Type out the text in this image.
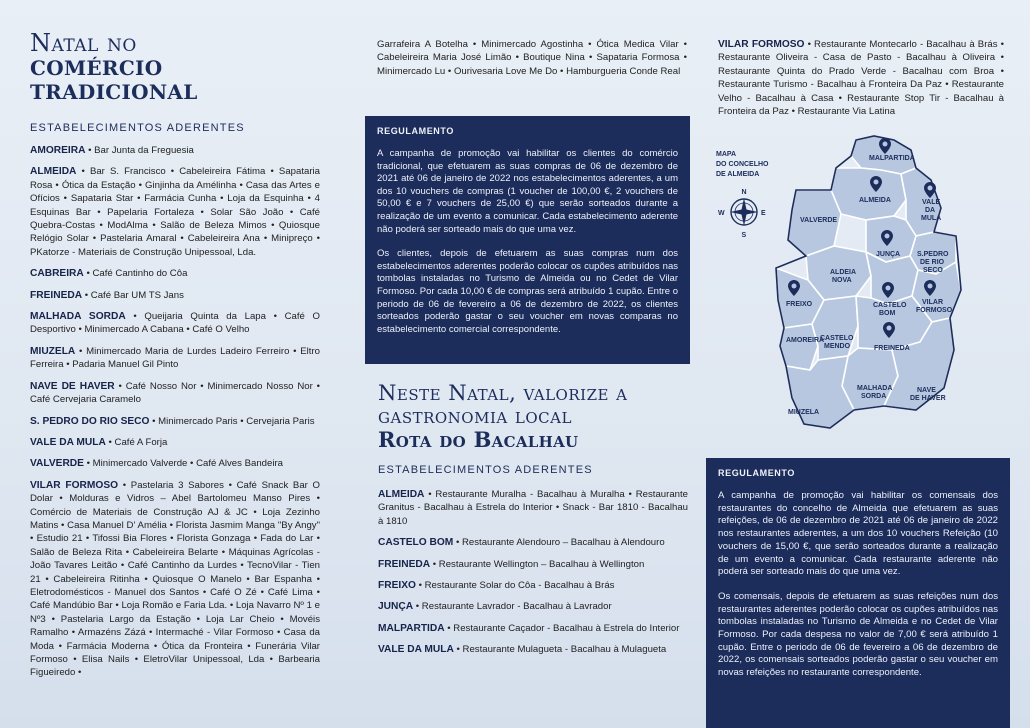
Natal no
COMÉRCIO TRADICIONAL
ESTABELECIMENTOS ADERENTES
AMOREIRA • Bar Junta da Freguesia
ALMEIDA • Bar S. Francisco • Cabeleireira Fátima • Sapataria Rosa • Ótica da Estação • Ginjinha da Amélinha • Casa das Artes e Ofícios • Sapataria Star • Farmácia Cunha • Loja da Esquinha • 4 Esquinas Bar • Papelaria Fortaleza • Solar São João • Café Quebra-Costas • ModAlma • Salão de Beleza Mimos • Quiosque Relógio Solar • Pastelaria Amaral • Cabeleireira Ana • Minipreço • PKatorze - Materiais de Construção Unipessoal, Lda.
CABREIRA • Café Cantinho do Côa
FREINEDA • Café Bar UM TS Jans
MALHADA SORDA • Queijaria Quinta da Lapa • Café O Desportivo • Minimercado A Cabana • Café O Velho
MIUZELA • Minimercado Maria de Lurdes Ladeiro Ferreiro • Eltro Ferreira • Padaria Manuel Gil Pinto
NAVE DE HAVER • Café Nosso Nor • Minimercado Nosso Nor • Café Cervejaria Caramelo
S. PEDRO DO RIO SECO • Minimercado Paris • Cervejaria Paris
VALE DA MULA • Café A Forja
VALVERDE • Minimercado Valverde • Café Alves Bandeira
VILAR FORMOSO • Pastelaria 3 Sabores • Café Snack Bar O Dolar • Molduras e Vidros – Abel Bartolomeu Manso Pires • Comércio de Materiais de Construção AJ & JC • Loja Zezinho Matins • Casa Manuel D' Amélia • Florista Jasmim Manga "By Angy" • Estudio 21 • Tifossi Bia Flores • Florista Gonzaga • Fada do Lar • Salão de Beleza Rita • Cabeleireira Belarte • Máquinas Agrícolas - João Tavares Leitão • Café Cantinho da Lurdes • TecnoVilar - Tien 21 • Cabeleireira Ritinha • Quiosque O Manelo • Bar Espanha • Eletrodomésticos - Manuel dos Santos • Café O Zé • Café Lima • Café Mandúbio Bar • Loja Romão e Faria Lda. • Loja Navarro Nº 1 e Nº3 • Pastelaria Largo da Estação • Loja Lar Cheio • Movéis Ramalho • Armazéns Zázá • Intermaché - Vilar Formoso • Casa da Moda • Farmácia Moderna • Ótica da Fronteira • Funerária Vilar Formoso • Elisa Nails • EletroVilar Unipessoal, Lda • Barbearia Figueiredo •
Garrafeira A Botelha • Minimercado Agostinha • Ótica Medica Vilar • Cabeleireira Maria José Limão • Boutique Nina • Sapataria Formosa • Minimercado Lu • Ourivesaria Love Me Do • Hamburgueria Conde Real
REGULAMENTO

A campanha de promoção vai habilitar os clientes do comércio tradicional, que efetuarem as suas compras de 06 de dezembro de 2021 até 06 de janeiro de 2022 nos estabelecimentos aderentes, a um dos 10 vouchers de compras (1 voucher de 100,00 €, 2 vouchers de 50,00 € e 7 vouchers de 25,00 €) que serão sorteados durante a realização de um evento a comunicar. Cada estabelecimento aderente não poderá ser sorteado mais do que uma vez.

Os clientes, depois de efetuarem as suas compras num dos estabelecimentos aderentes poderão colocar os cupões atribuídos nas tombolas instaladas no Turismo de Almeida ou no Cedet de Vilar Formoso. Por cada 10,00 € de compras será atribuído 1 cupão. Entre o periodo de 06 de fevereiro a 06 de dezembro de 2022, os clientes sorteados poderão gastar o seu voucher em novas comparas no estabelecimento comercial correspondente.

Neste Natal, valorize a
gastronomia local
Rota do Bacalhau
ESTABELECIMENTOS ADERENTES
ALMEIDA • Restaurante Muralha - Bacalhau à Muralha • Restaurante Granitus - Bacalhau à Estrela do Interior • Snack - Bar 1810 - Bacalhau à 1810
CASTELO BOM • Restaurante Alendouro – Bacalhau à Alendouro
FREINEDA • Restaurante Wellington – Bacalhau à Wellington
FREIXO • Restaurante Solar do Côa - Bacalhau à Brás
JUNÇA • Restaurante Lavrador - Bacalhau à Lavrador
MALPARTIDA • Restaurante Caçador - Bacalhau à Estrela do Interior
VALE DA MULA • Restaurante Mulagueta - Bacalhau à Mulagueta
VILAR FORMOSO • Restaurante Montecarlo - Bacalhau à Brás • Restaurante Oliveira - Casa de Pasto - Bacalhau à Oliveira • Restaurante Quinta do Prado Verde - Bacalhau com Broa • Restaurante Turismo - Bacalhau à Fronteira Da Paz • Restaurante Velho - Bacalhau à Casa • Restaurante Stop Tir - Bacalhau à Fronteira da Paz • Restaurante Via Latina
MAPA
DO CONCELHO
DE ALMEIDA
N
S
E
W
MALPARTIDA
ALMEIDA	VALE
DA
MULA
VALVERDE
JUNÇA S.PEDRO
DE RIO
SECO
ALDEIA
NOVA
FREIXO	CASTELO
BOM
VILAR
FORMOSO
AMOREIRA
CASTELO
MENDO	FREINEDA
MALHADA
SORDA
NAVE
DE HAVER
MIUZELA
REGULAMENTO

A campanha de promoção vai habilitar os comensais dos restaurantes do concelho de Almeida que efetuarem as suas refeições, de 06 de dezembro de 2021 até 06 de janeiro de 2022 nos restaurantes aderentes, a um dos 10 vouchers Refeição (10 vouchers de 15,00 €, que serão sorteados durante a realização de um evento a comunicar. Cada restaurante aderente não poderá ser sorteado mais do que uma vez.

Os comensais, depois de efetuarem as suas refeições num dos restaurantes aderentes poderão colocar os cupões atribuídos nas tombolas instaladas no Turismo de Almeida e no Cedet de Vilar Formoso. Por cada despesa no valor de 7,00 € será atribuído 1 cupão. Entre o periodo de 06 de fevereiro a 06 de dezembro de 2022, os comensais sorteados poderão gastar o seu voucher em novas refeições no restaurante correspondente.
